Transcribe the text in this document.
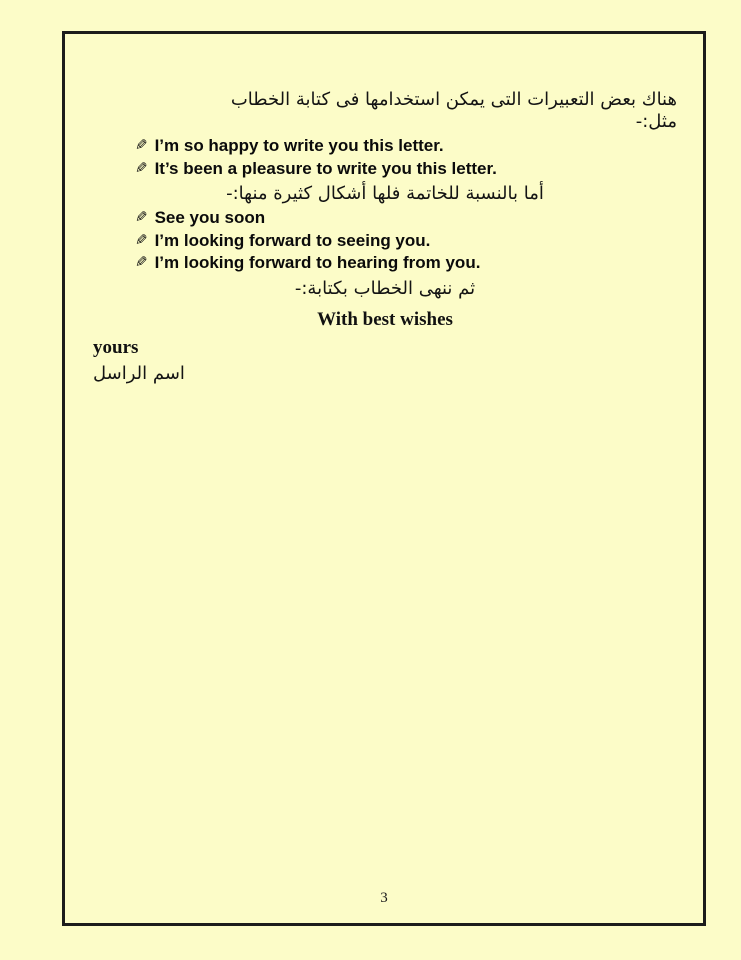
هناك بعض التعبيرات التى يمكن استخدامها فى كتابة الخطاب
مثل:-
✎ I’m so happy to write you this letter.
✎ It’s been a pleasure to write you this letter.
أما بالنسبة للخاتمة فلها أشكال كثيرة منها:-
✎ See you soon
✎ I’m looking forward to seeing you.
✎ I’m looking forward to hearing from you.
ثم ننهى الخطاب بكتابة:-
With best wishes
yours
اسم الراسل
3
